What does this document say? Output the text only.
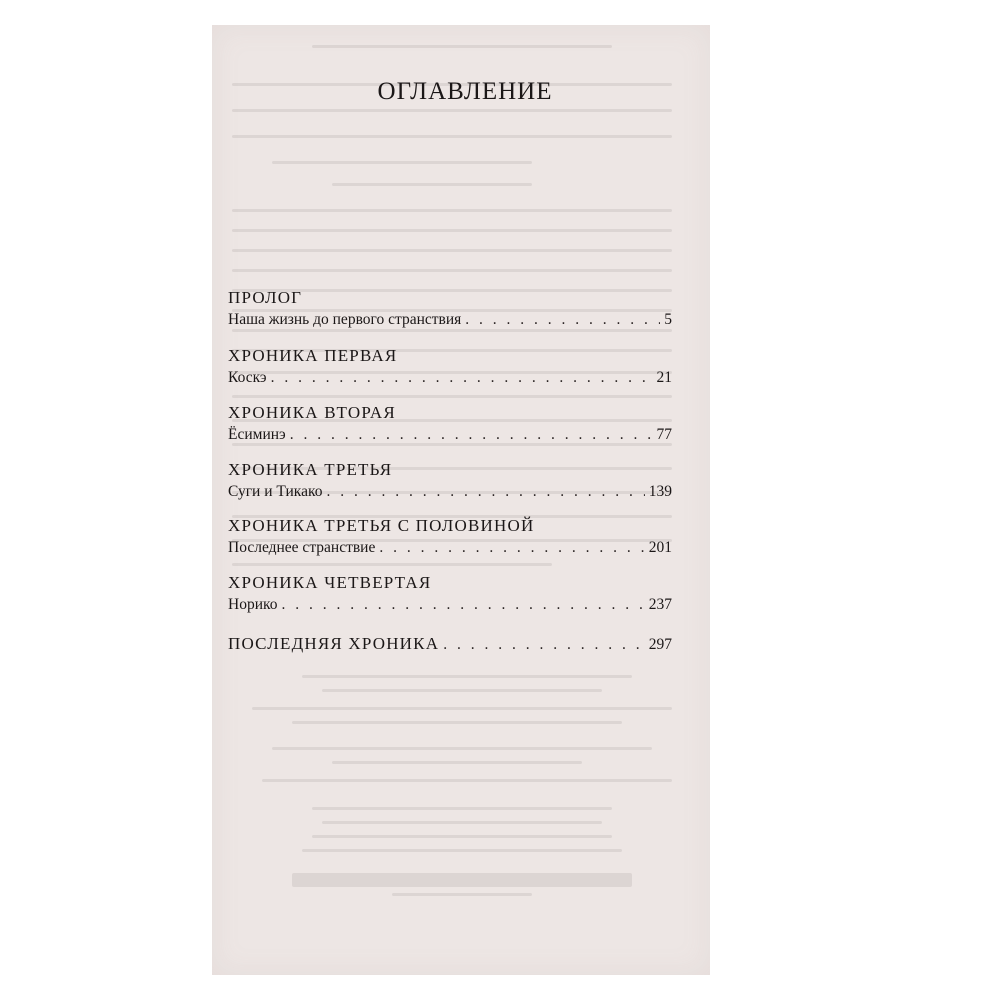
ОГЛАВЛЕНИЕ
ПРОЛОГ
Наша жизнь до первого странствия . . .	5
ХРОНИКА ПЕРВАЯ
Коскэ . . .	21
ХРОНИКА ВТОРАЯ
Ёсиминэ . . .	77
ХРОНИКА ТРЕТЬЯ
Суги и Тикако . . .	139
ХРОНИКА ТРЕТЬЯ С ПОЛОВИНОЙ
Последнее странствие . . .	201
ХРОНИКА ЧЕТВЕРТАЯ
Норико . . .	237
ПОСЛЕДНЯЯ ХРОНИКА . . .	297
